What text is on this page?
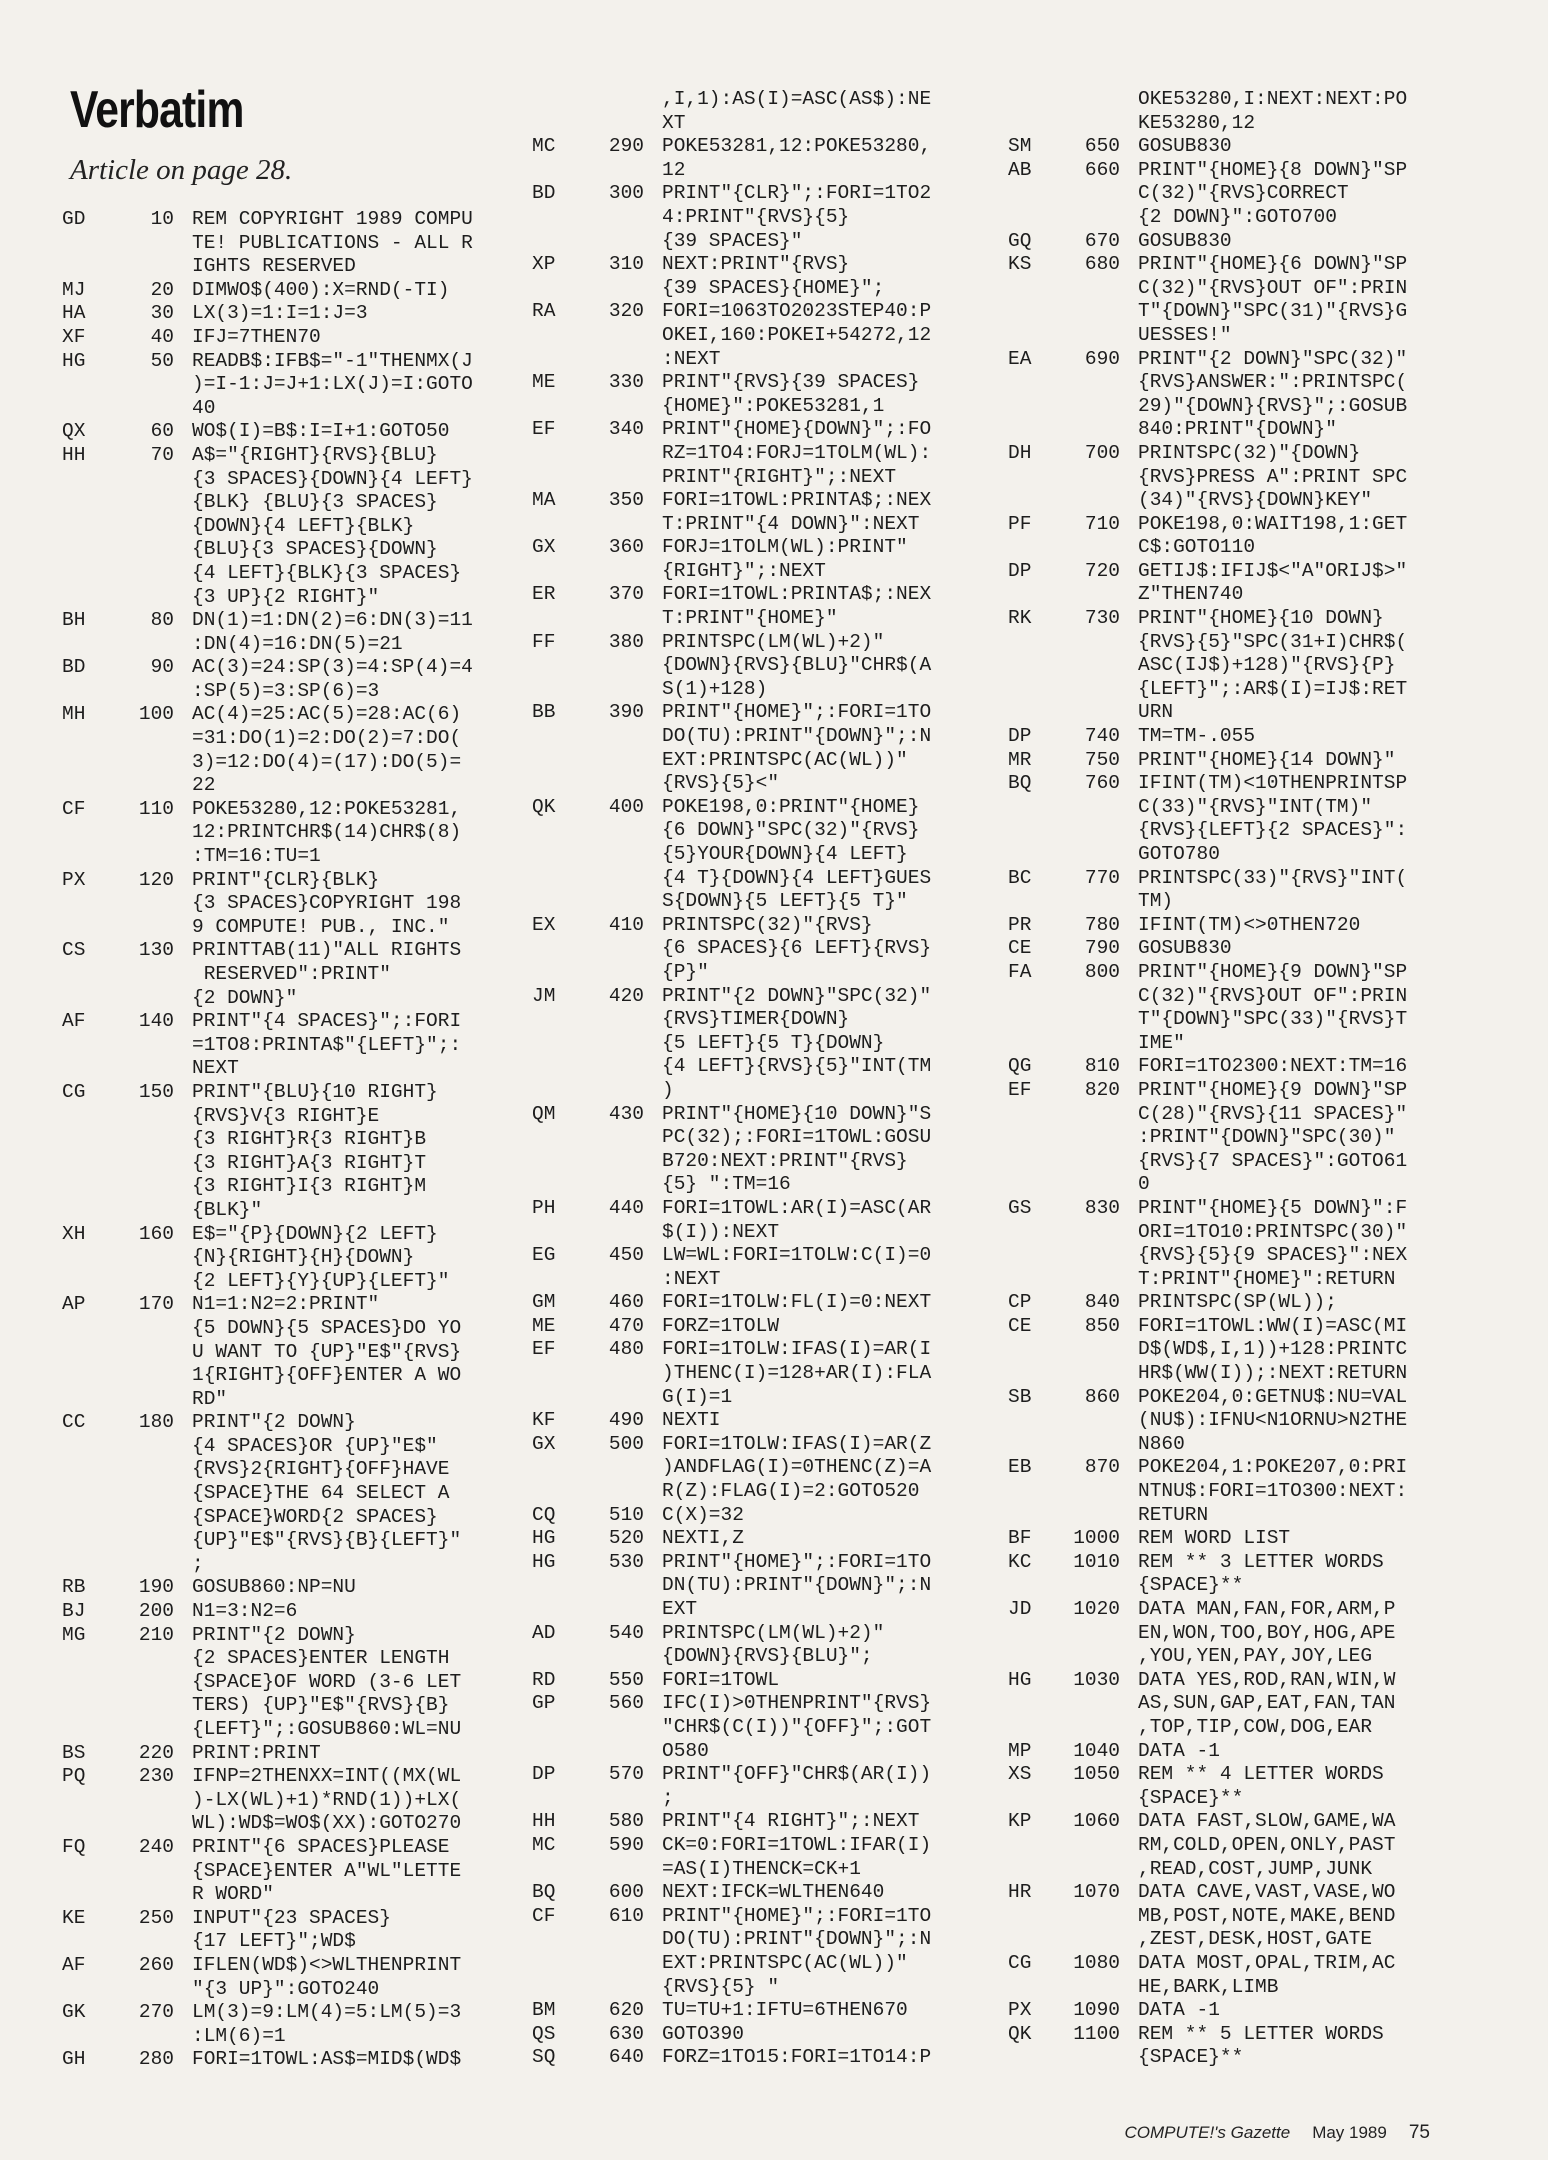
Verbatim

Article on page 28.

GD	10 REM COPYRIGHT 1989 COMPU
TE! PUBLICATIONS - ALL R
IGHTS RESERVED
MJ	20 DIMWO$(400):X=RND(-TI)
HA	30 LX(3)=1:I=1:J=3
XF	40 IFJ=7THEN70
HG	50 READB$:IFB$="-1"THENMX(J
)=I-1:J=J+1:LX(J)=I:GOTO
40
QX	60 WO$(I)=B$:I=I+1:GOTO50
HH	70 A$="{RIGHT}{RVS}{BLU}
{3 SPACES}{DOWN}{4 LEFT}
{BLK} {BLU}{3 SPACES}
{DOWN}{4 LEFT}{BLK}
{BLU}{3 SPACES}{DOWN}
{4 LEFT}{BLK}{3 SPACES}
{3 UP}{2 RIGHT}"
BH	80 DN(1)=1:DN(2)=6:DN(3)=11
:DN(4)=16:DN(5)=21
BD	90 AC(3)=24:SP(3)=4:SP(4)=4
:SP(5)=3:SP(6)=3
MH	100 AC(4)=25:AC(5)=28:AC(6)
=31:DO(1)=2:DO(2)=7:DO(
3)=12:DO(4)=(17):DO(5)=
22
CF	110 POKE53280,12:POKE53281,
12:PRINTCHR$(14)CHR$(8)
:TM=16:TU=1
PX	120 PRINT"{CLR}{BLK}
{3 SPACES}COPYRIGHT 198
9 COMPUTE! PUB., INC."
CS	130 PRINTTAB(11)"ALL RIGHTS
RESERVED":PRINT"
{2 DOWN}"
AF	140 PRINT"{4 SPACES}";:FORI
=1TO8:PRINTA$"{LEFT}";:
NEXT
CG	150 PRINT"{BLU}{10 RIGHT}
{RVS}V{3 RIGHT}E
{3 RIGHT}R{3 RIGHT}B
{3 RIGHT}A{3 RIGHT}T
{3 RIGHT}I{3 RIGHT}M
{BLK}"
XH	160 E$="{P}{DOWN}{2 LEFT}
{N}{RIGHT}{H}{DOWN}
{2 LEFT}{Y}{UP}{LEFT}"
AP	170 N1=1:N2=2:PRINT"
{5 DOWN}{5 SPACES}DO YO
U WANT TO {UP}"E$"{RVS}
1{RIGHT}{OFF}ENTER A WO
RD"
CC	180 PRINT"{2 DOWN}
{4 SPACES}OR {UP}"E$"
{RVS}2{RIGHT}{OFF}HAVE
{SPACE}THE 64 SELECT A
{SPACE}WORD{2 SPACES}
{UP}"E$"{RVS}{B}{LEFT}"
;
RB	190 GOSUB860:NP=NU
BJ	200 N1=3:N2=6
MG	210 PRINT"{2 DOWN}
{2 SPACES}ENTER LENGTH
{SPACE}OF WORD (3-6 LET
TERS) {UP}"E$"{RVS}{B}
{LEFT}";:GOSUB860:WL=NU
BS	220 PRINT:PRINT
PQ	230 IFNP=2THENXX=INT((MX(WL
)-LX(WL)+1)*RND(1))+LX(
WL):WD$=WO$(XX):GOTO270
FQ	240 PRINT"{6 SPACES}PLEASE
{SPACE}ENTER A"WL"LETTE
R WORD"
KE	250 INPUT"{23 SPACES}
{17 LEFT}";WD$
AF	260 IFLEN(WD$)<>WLTHENPRINT
"{3 UP}":GOTO240
GK	270 LM(3)=9:LM(4)=5:LM(5)=3
:LM(6)=1
GH	280 FORI=1TOWL:AS$=MID$(WD$
,I,1):AS(I)=ASC(AS$):NE
XT
MC	290 POKE53281,12:POKE53280,
12
BD	300 PRINT"{CLR}";:FORI=1TO2
4:PRINT"{RVS}{5}
{39 SPACES}"
XP	310 NEXT:PRINT"{RVS}
{39 SPACES}{HOME}";
RA	320 FORI=1063TO2023STEP40:P
OKEI,160:POKEI+54272,12
:NEXT
ME	330 PRINT"{RVS}{39 SPACES}
{HOME}":POKE53281,1
EF	340 PRINT"{HOME}{DOWN}";:FO
RZ=1TO4:FORJ=1TOLM(WL):
PRINT"{RIGHT}";:NEXT
MA	350 FORI=1TOWL:PRINTA$;:NEX
T:PRINT"{4 DOWN}":NEXT
GX	360 FORJ=1TOLM(WL):PRINT"
{RIGHT}";:NEXT
ER	370 FORI=1TOWL:PRINTA$;:NEX
T:PRINT"{HOME}"
FF	380 PRINTSPC(LM(WL)+2)"
{DOWN}{RVS}{BLU}"CHR$(A
S(1)+128)
BB	390 PRINT"{HOME}";:FORI=1TO
DO(TU):PRINT"{DOWN}";:N
EXT:PRINTSPC(AC(WL))"
{RVS}{5}<"
QK	400 POKE198,0:PRINT"{HOME}
{6 DOWN}"SPC(32)"{RVS}
{5}YOUR{DOWN}{4 LEFT}
{4 T}{DOWN}{4 LEFT}GUES
S{DOWN}{5 LEFT}{5 T}"
EX	410 PRINTSPC(32)"{RVS}
{6 SPACES}{6 LEFT}{RVS}
{P}"
JM	420 PRINT"{2 DOWN}"SPC(32)"
{RVS}TIMER{DOWN}
{5 LEFT}{5 T}{DOWN}
{4 LEFT}{RVS}{5}"INT(TM
)
QM	430 PRINT"{HOME}{10 DOWN}"S
PC(32);:FORI=1TOWL:GOSU
B720:NEXT:PRINT"{RVS}
{5} ":TM=16
PH	440 FORI=1TOWL:AR(I)=ASC(AR
$(I)):NEXT
EG	450 LW=WL:FORI=1TOLW:C(I)=0
:NEXT
GM	460 FORI=1TOLW:FL(I)=0:NEXT
ME	470 FORZ=1TOLW
EF	480 FORI=1TOLW:IFAS(I)=AR(I
)THENC(I)=128+AR(I):FLA
G(I)=1
KF	490 NEXTI
GX	500 FORI=1TOLW:IFAS(I)=AR(Z
)ANDFLAG(I)=0THENC(Z)=A
R(Z):FLAG(I)=2:GOTO520
CQ	510 C(X)=32
HG	520 NEXTI,Z
HG	530 PRINT"{HOME}";:FORI=1TO
DN(TU):PRINT"{DOWN}";:N
EXT
AD	540 PRINTSPC(LM(WL)+2)"
{DOWN}{RVS}{BLU}";
RD	550 FORI=1TOWL
GP	560 IFC(I)>0THENPRINT"{RVS}
"CHR$(C(I))"{OFF}";:GOT
O580
DP	570 PRINT"{OFF}"CHR$(AR(I))
;
HH	580 PRINT"{4 RIGHT}";:NEXT
MC	590 CK=0:FORI=1TOWL:IFAR(I)
=AS(I)THENCK=CK+1
BQ	600 NEXT:IFCK=WLTHEN640
CF	610 PRINT"{HOME}";:FORI=1TO
DO(TU):PRINT"{DOWN}";:N
EXT:PRINTSPC(AC(WL))"
{RVS}{5} "
BM	620 TU=TU+1:IFTU=6THEN670
QS	630 GOTO390
SQ	640 FORZ=1TO15:FORI=1TO14:P
OKE53280,I:NEXT:NEXT:PO
KE53280,12
SM	650 GOSUB830
AB	660 PRINT"{HOME}{8 DOWN}"SP
C(32)"{RVS}CORRECT
{2 DOWN}":GOTO700
GQ	670 GOSUB830
KS	680 PRINT"{HOME}{6 DOWN}"SP
C(32)"{RVS}OUT OF":PRIN
T"{DOWN}"SPC(31)"{RVS}G
UESSES!"
EA	690 PRINT"{2 DOWN}"SPC(32)"
{RVS}ANSWER:":PRINTSPC(
29)"{DOWN}{RVS}";:GOSUB
840:PRINT"{DOWN}"
DH	700 PRINTSPC(32)"{DOWN}
{RVS}PRESS A":PRINT SPC
(34)"{RVS}{DOWN}KEY"
PF	710 POKE198,0:WAIT198,1:GET
C$:GOTO110
DP	720 GETIJ$:IFIJ$<"A"ORIJ$>"
Z"THEN740
RK	730 PRINT"{HOME}{10 DOWN}
{RVS}{5}"SPC(31+I)CHR$(
ASC(IJ$)+128)"{RVS}{P}
{LEFT}";:AR$(I)=IJ$:RET
URN
DP	740 TM=TM-.055
MR	750 PRINT"{HOME}{14 DOWN}"
BQ	760 IFINT(TM)<10THENPRINTSP
C(33)"{RVS}"INT(TM)"
{RVS}{LEFT}{2 SPACES}":
GOTO780
BC	770 PRINTSPC(33)"{RVS}"INT(
TM)
PR	780 IFINT(TM)<>0THEN720
CE	790 GOSUB830
FA	800 PRINT"{HOME}{9 DOWN}"SP
C(32)"{RVS}OUT OF":PRIN
T"{DOWN}"SPC(33)"{RVS}T
IME"
QG	810 FORI=1TO2300:NEXT:TM=16
EF	820 PRINT"{HOME}{9 DOWN}"SP
C(28)"{RVS}{11 SPACES}"
:PRINT"{DOWN}"SPC(30)"
{RVS}{7 SPACES}":GOTO61
0
GS	830 PRINT"{HOME}{5 DOWN}":F
ORI=1TO10:PRINTSPC(30)"
{RVS}{5}{9 SPACES}":NEX
T:PRINT"{HOME}":RETURN
CP	840 PRINTSPC(SP(WL));
CE	850 FORI=1TOWL:WW(I)=ASC(MI
D$(WD$,I,1))+128:PRINTC
HR$(WW(I));:NEXT:RETURN
SB	860 POKE204,0:GETNU$:NU=VAL
(NU$):IFNU<N1ORNU>N2THE
N860
EB	870 POKE204,1:POKE207,0:PRI
NTNU$:FORI=1TO300:NEXT:
RETURN
BF	1000 REM WORD LIST
KC	1010 REM ** 3 LETTER WORDS
{SPACE}**
JD	1020 DATA MAN,FAN,FOR,ARM,P
EN,WON,TOO,BOY,HOG,APE
,YOU,YEN,PAY,JOY,LEG
HG	1030 DATA YES,ROD,RAN,WIN,W
AS,SUN,GAP,EAT,FAN,TAN
,TOP,TIP,COW,DOG,EAR
MP	1040 DATA -1
XS	1050 REM ** 4 LETTER WORDS
{SPACE}**
KP	1060 DATA FAST,SLOW,GAME,WA
RM,COLD,OPEN,ONLY,PAST
,READ,COST,JUMP,JUNK
HR	1070 DATA CAVE,VAST,VASE,WO
MB,POST,NOTE,MAKE,BEND
,ZEST,DESK,HOST,GATE
CG	1080 DATA MOST,OPAL,TRIM,AC
HE,BARK,LIMB
PX	1090 DATA -1
QK	1100 REM ** 5 LETTER WORDS
{SPACE}**
COMPUTE!'s Gazette May 1989 75
